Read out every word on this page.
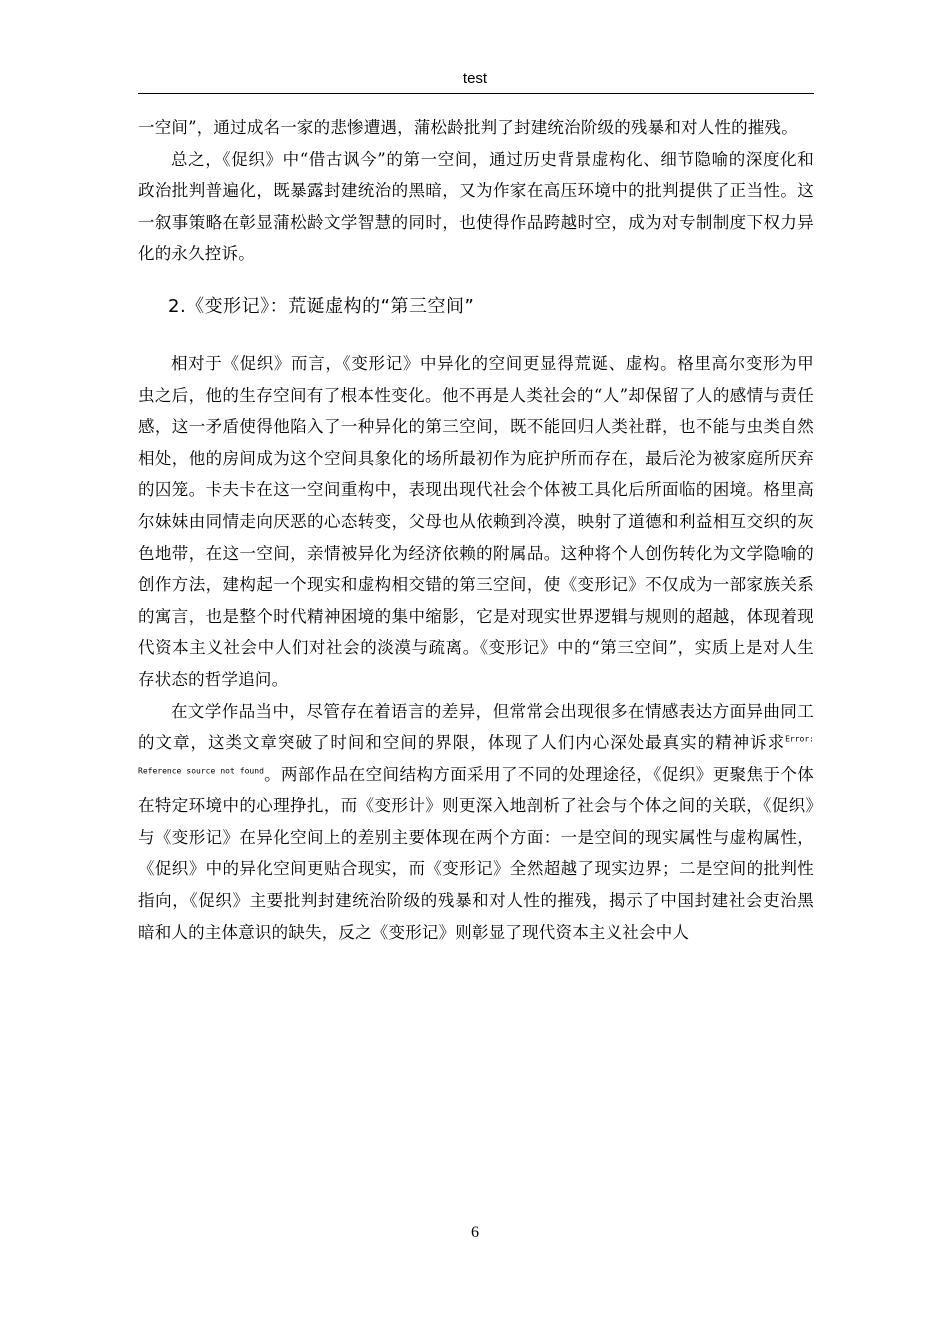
test

一空间”，通过成名一家的悲惨遭遇，蒲松龄批判了封建统治阶级的残暴和对人性的摧残。

总之，《促织》中“借古讽今”的第一空间，通过历史背景虚构化、细节隐喻的深度化和政治批判普遍化，既暴露封建统治的黑暗，又为作家在高压环境中的批判提供了正当性。这一叙事策略在彰显蒲松龄文学智慧的同时，也使得作品跨越时空，成为对专制制度下权力异化的永久控诉。

2.《变形记》：荒诞虚构的“第三空间”

相对于《促织》而言，《变形记》中异化的空间更显得荒诞、虚构。格里高尔变形为甲虫之后，他的生存空间有了根本性变化。他不再是人类社会的“人”却保留了人的感情与责任感，这一矛盾使得他陷入了一种异化的第三空间，既不能回归人类社群，也不能与虫类自然相处，他的房间成为这个空间具象化的场所最初作为庇护所而存在，最后沦为被家庭所厌弃的囚笼。卡夫卡在这一空间重构中，表现出现代社会个体被工具化后所面临的困境。格里高尔妹妹由同情走向厌恶的心态转变，父母也从依赖到冷漠，映射了道德和利益相互交织的灰色地带，在这一空间，亲情被异化为经济依赖的附属品。这种将个人创伤转化为文学隐喻的创作方法，建构起一个现实和虚构相交错的第三空间，使《变形记》不仅成为一部家族关系的寓言，也是整个时代精神困境的集中缩影，它是对现实世界逻辑与规则的超越，体现着现代资本主义社会中人们对社会的淡漠与疏离。《变形记》中的“第三空间”，实质上是对人生存状态的哲学追问。

在文学作品当中，尽管存在着语言的差异，但常常会出现很多在情感表达方面异曲同工的文章，这类文章突破了时间和空间的界限，体现了人们内心深处最真实的精神诉求$^{Error: Reference source not found}$。两部作品在空间结构方面采用了不同的处理途径，《促织》更聚焦于个体在特定环境中的心理挣扎，而《变形计》则更深入地剖析了社会与个体之间的关联，《促织》与《变形记》在异化空间上的差别主要体现在两个方面：一是空间的现实属性与虚构属性，《促织》中的异化空间更贴合现实，而《变形记》全然超越了现实边界；二是空间的批判性指向，《促织》主要批判封建统治阶级的残暴和对人性的摧残，揭示了中国封建社会吏治黑暗和人的主体意识的缺失，反之《变形记》则彰显了现代资本主义社会中人

6
